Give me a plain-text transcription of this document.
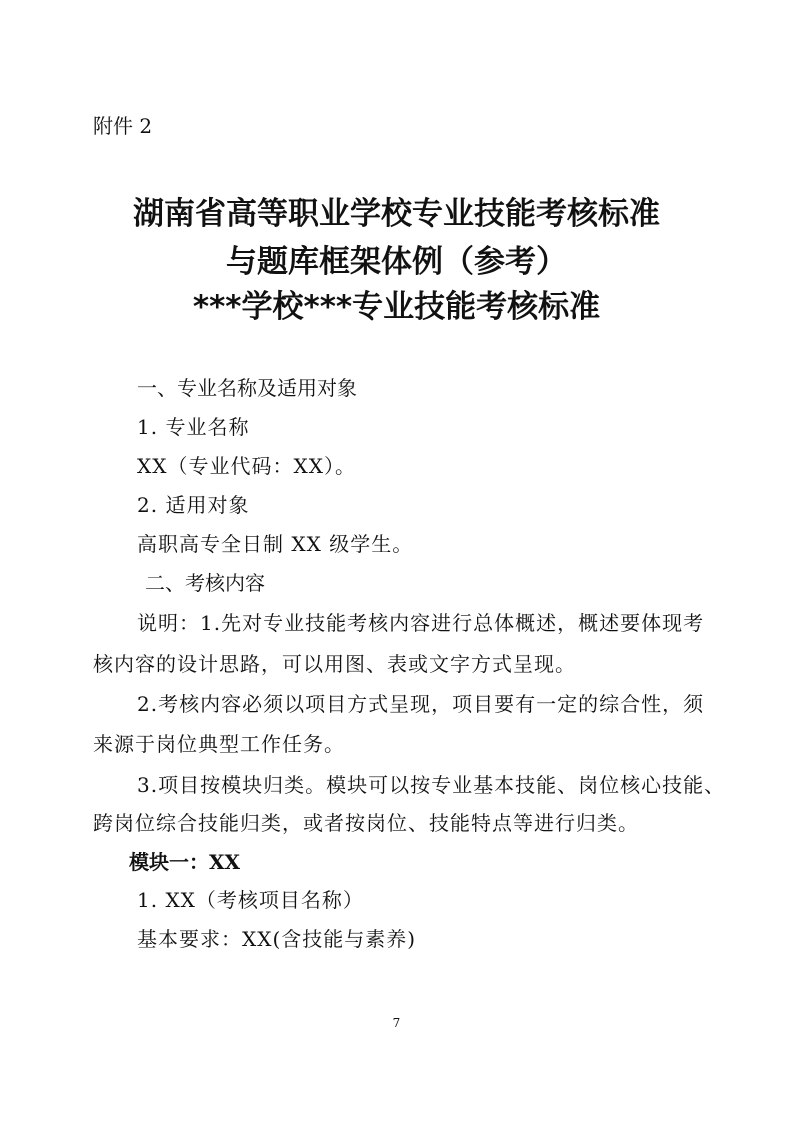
附件 2
湖南省高等职业学校专业技能考核标准
与题库框架体例（参考）
***学校***专业技能考核标准
一、专业名称及适用对象
1. 专业名称
XX（专业代码：XX）。
2. 适用对象
高职高专全日制 XX 级学生。
二、考核内容
说明：1.先对专业技能考核内容进行总体概述，概述要体现考
核内容的设计思路，可以用图、表或文字方式呈现。
2.考核内容必须以项目方式呈现，项目要有一定的综合性，须
来源于岗位典型工作任务。
3.项目按模块归类。模块可以按专业基本技能、岗位核心技能、
跨岗位综合技能归类，或者按岗位、技能特点等进行归类。
模块一：XX
1. XX（考核项目名称）
基本要求：XX(含技能与素养)
7
